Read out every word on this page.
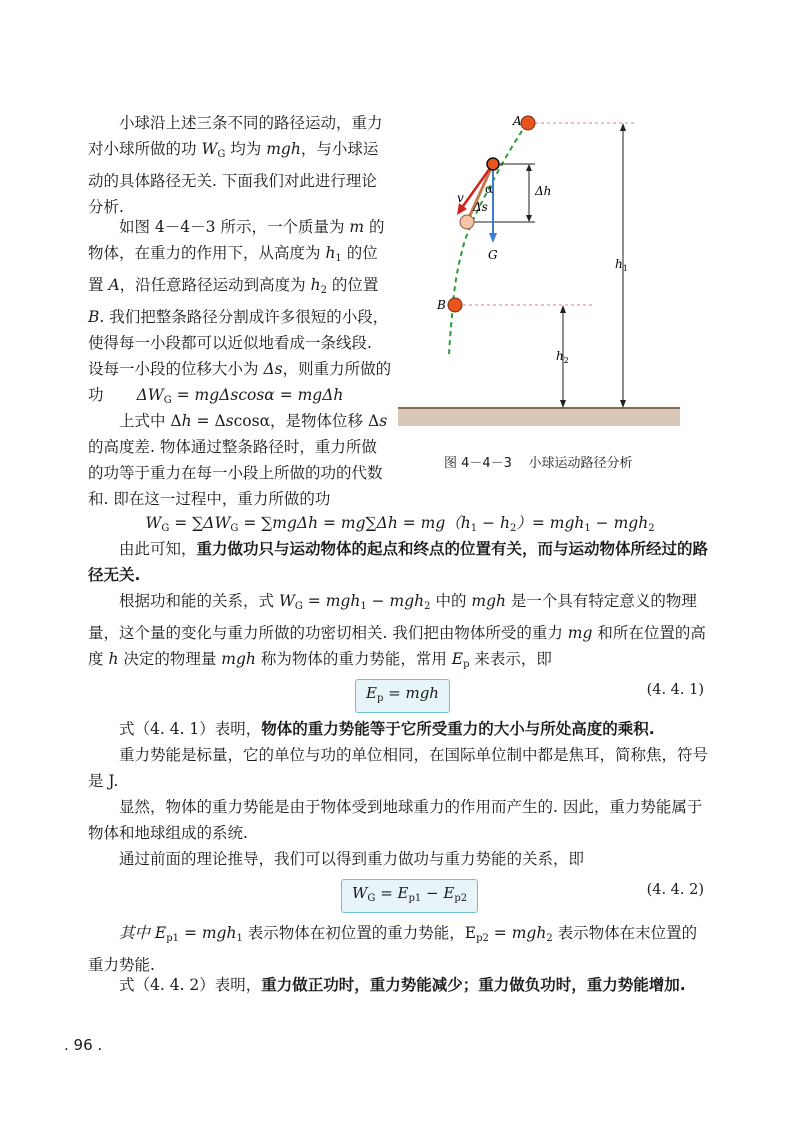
A
B
v
α
Δs
Δh
G
$h_1$
$h_2$
图 4－4－3 小球运动路径分析

小球沿上述三条不同的路径运动，重力对小球所做的功 $W_G$ 均为 mgh，与小球运动的具体路径无关. 下面我们对此进行理论分析.

如图 4－4－3 所示，一个质量为 m 的物体，在重力的作用下，从高度为 $h_1$ 的位置 A，沿任意路径运动到高度为 $h_2$ 的位置 B. 我们把整条路径分割成许多很短的小段，使得每一小段都可以近似地看成一条线段. 设每一小段的位移大小为 Δs，则重力所做的功	$\Delta W_G = mg\Delta scos\alpha = mg\Delta h$

上式中 Δh = Δscosα，是物体位移 Δs 的高度差. 物体通过整条路径时，重力所做的功等于重力在每一小段上所做的功的代数和. 即在这一过程中，重力所做的功

$W_G = \sum\Delta W_G = \sum mg\Delta h = mg\sum\Delta h = mg(h_1 - h_2)= mgh_1 - mgh_2$

由此可知，重力做功只与运动物体的起点和终点的位置有关，而与运动物体所经过的路径无关.

根据功和能的关系，式 $W_G = mgh_1 - mgh_2$ 中的 mgh 是一个具有特定意义的物理量，这个量的变化与重力所做的功密切相关. 我们把由物体所受的重力 mg 和所在位置的高度 h 决定的物理量 mgh 称为物体的重力势能，常用 $E_p$ 来表示，即

$E_p$ = mgh	(4. 4. 1)

式（4. 4. 1）表明，物体的重力势能等于它所受重力的大小与所处高度的乘积.

重力势能是标量，它的单位与功的单位相同，在国际单位制中都是焦耳，简称焦，符号是 J.

显然，物体的重力势能是由于物体受到地球重力的作用而产生的. 因此，重力势能属于物体和地球组成的系统.

通过前面的理论推导，我们可以得到重力做功与重力势能的关系，即

$W_G = E_{p1} - E_{p2}$
(4. 4. 2)

其中 $E_{p1} = mgh_1$ 表示物体在初位置的重力势能，$E_{p2} = mgh_2$ 表示物体在末位置的重力势能.

式（4. 4. 2）表明，重力做正功时，重力势能减少；重力做负功时，重力势能增加.

. 96 .
